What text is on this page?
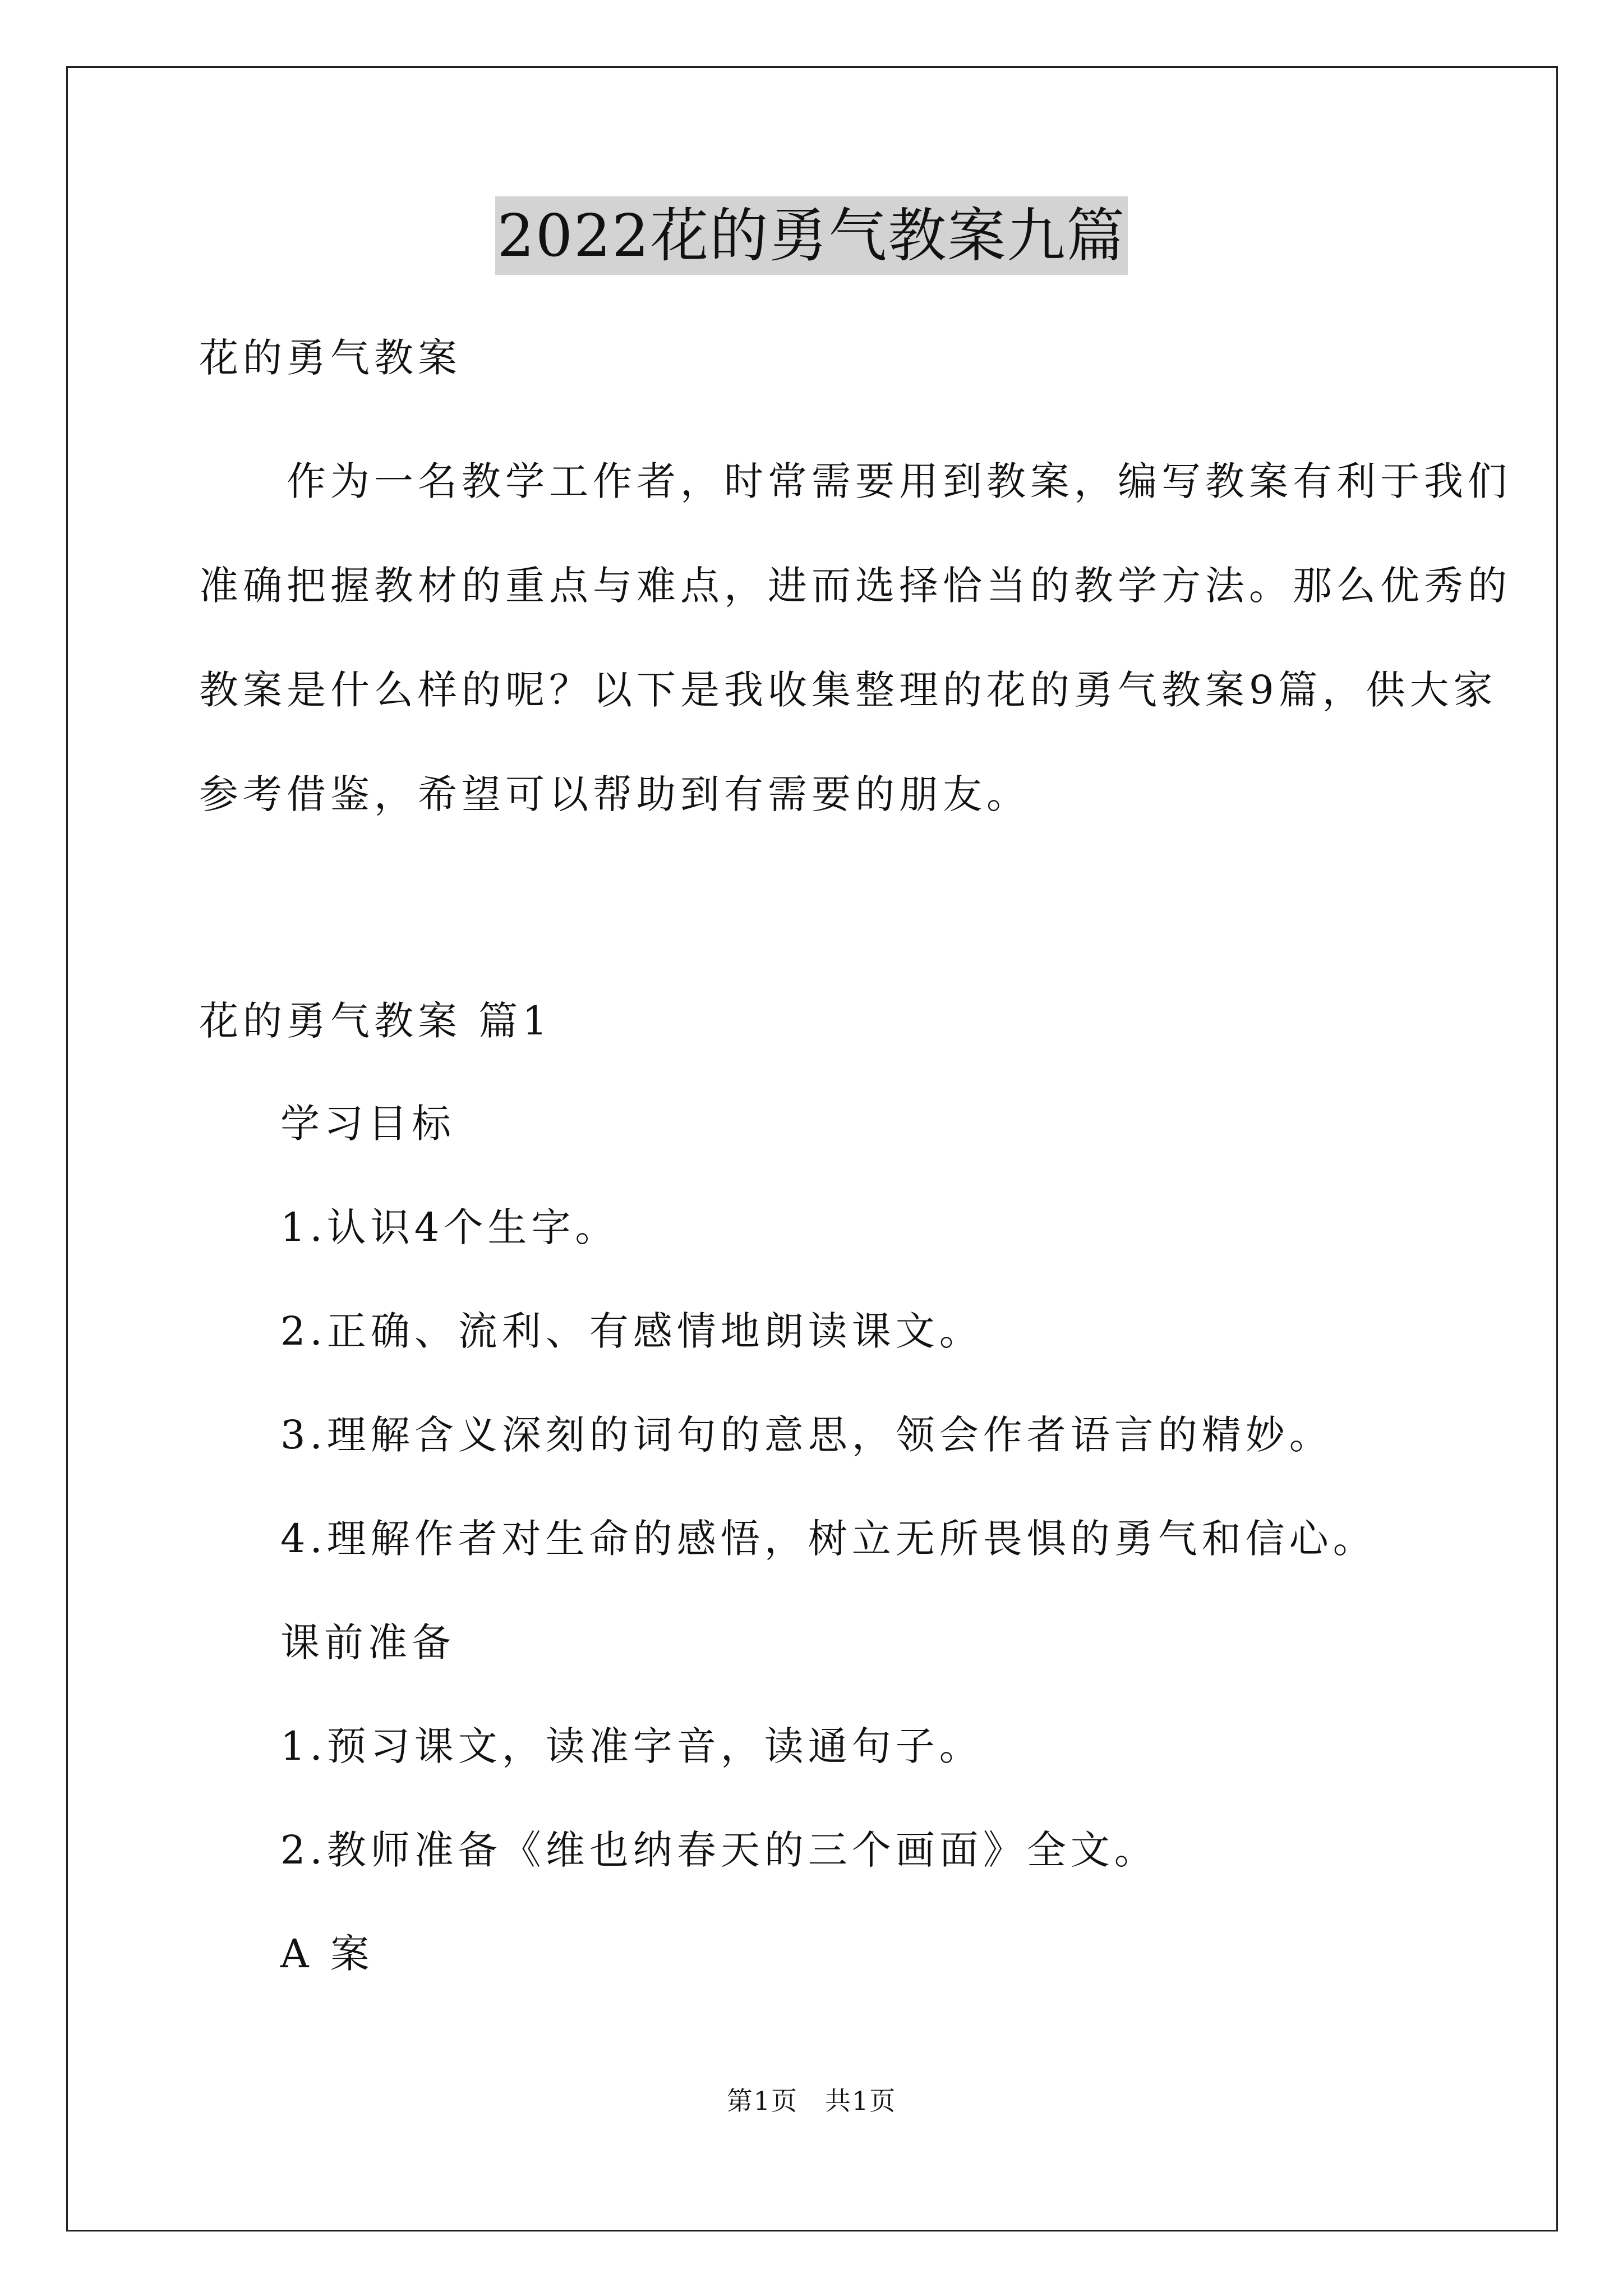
2022花的勇气教案九篇
花的勇气教案
　　作为一名教学工作者，时常需要用到教案，编写教案有利于我们
准确把握教材的重点与难点，进而选择恰当的教学方法。那么优秀的
教案是什么样的呢？以下是我收集整理的花的勇气教案9篇，供大家
参考借鉴，希望可以帮助到有需要的朋友。
花的勇气教案 篇1
学习目标
1.认识4个生字。
2.正确、流利、有感情地朗读课文。
3.理解含义深刻的词句的意思，领会作者语言的精妙。
4.理解作者对生命的感悟，树立无所畏惧的勇气和信心。
课前准备
1.预习课文，读准字音，读通句子。
2.教师准备《维也纳春天的三个画面》全文。
A 案
第1页　共1页
